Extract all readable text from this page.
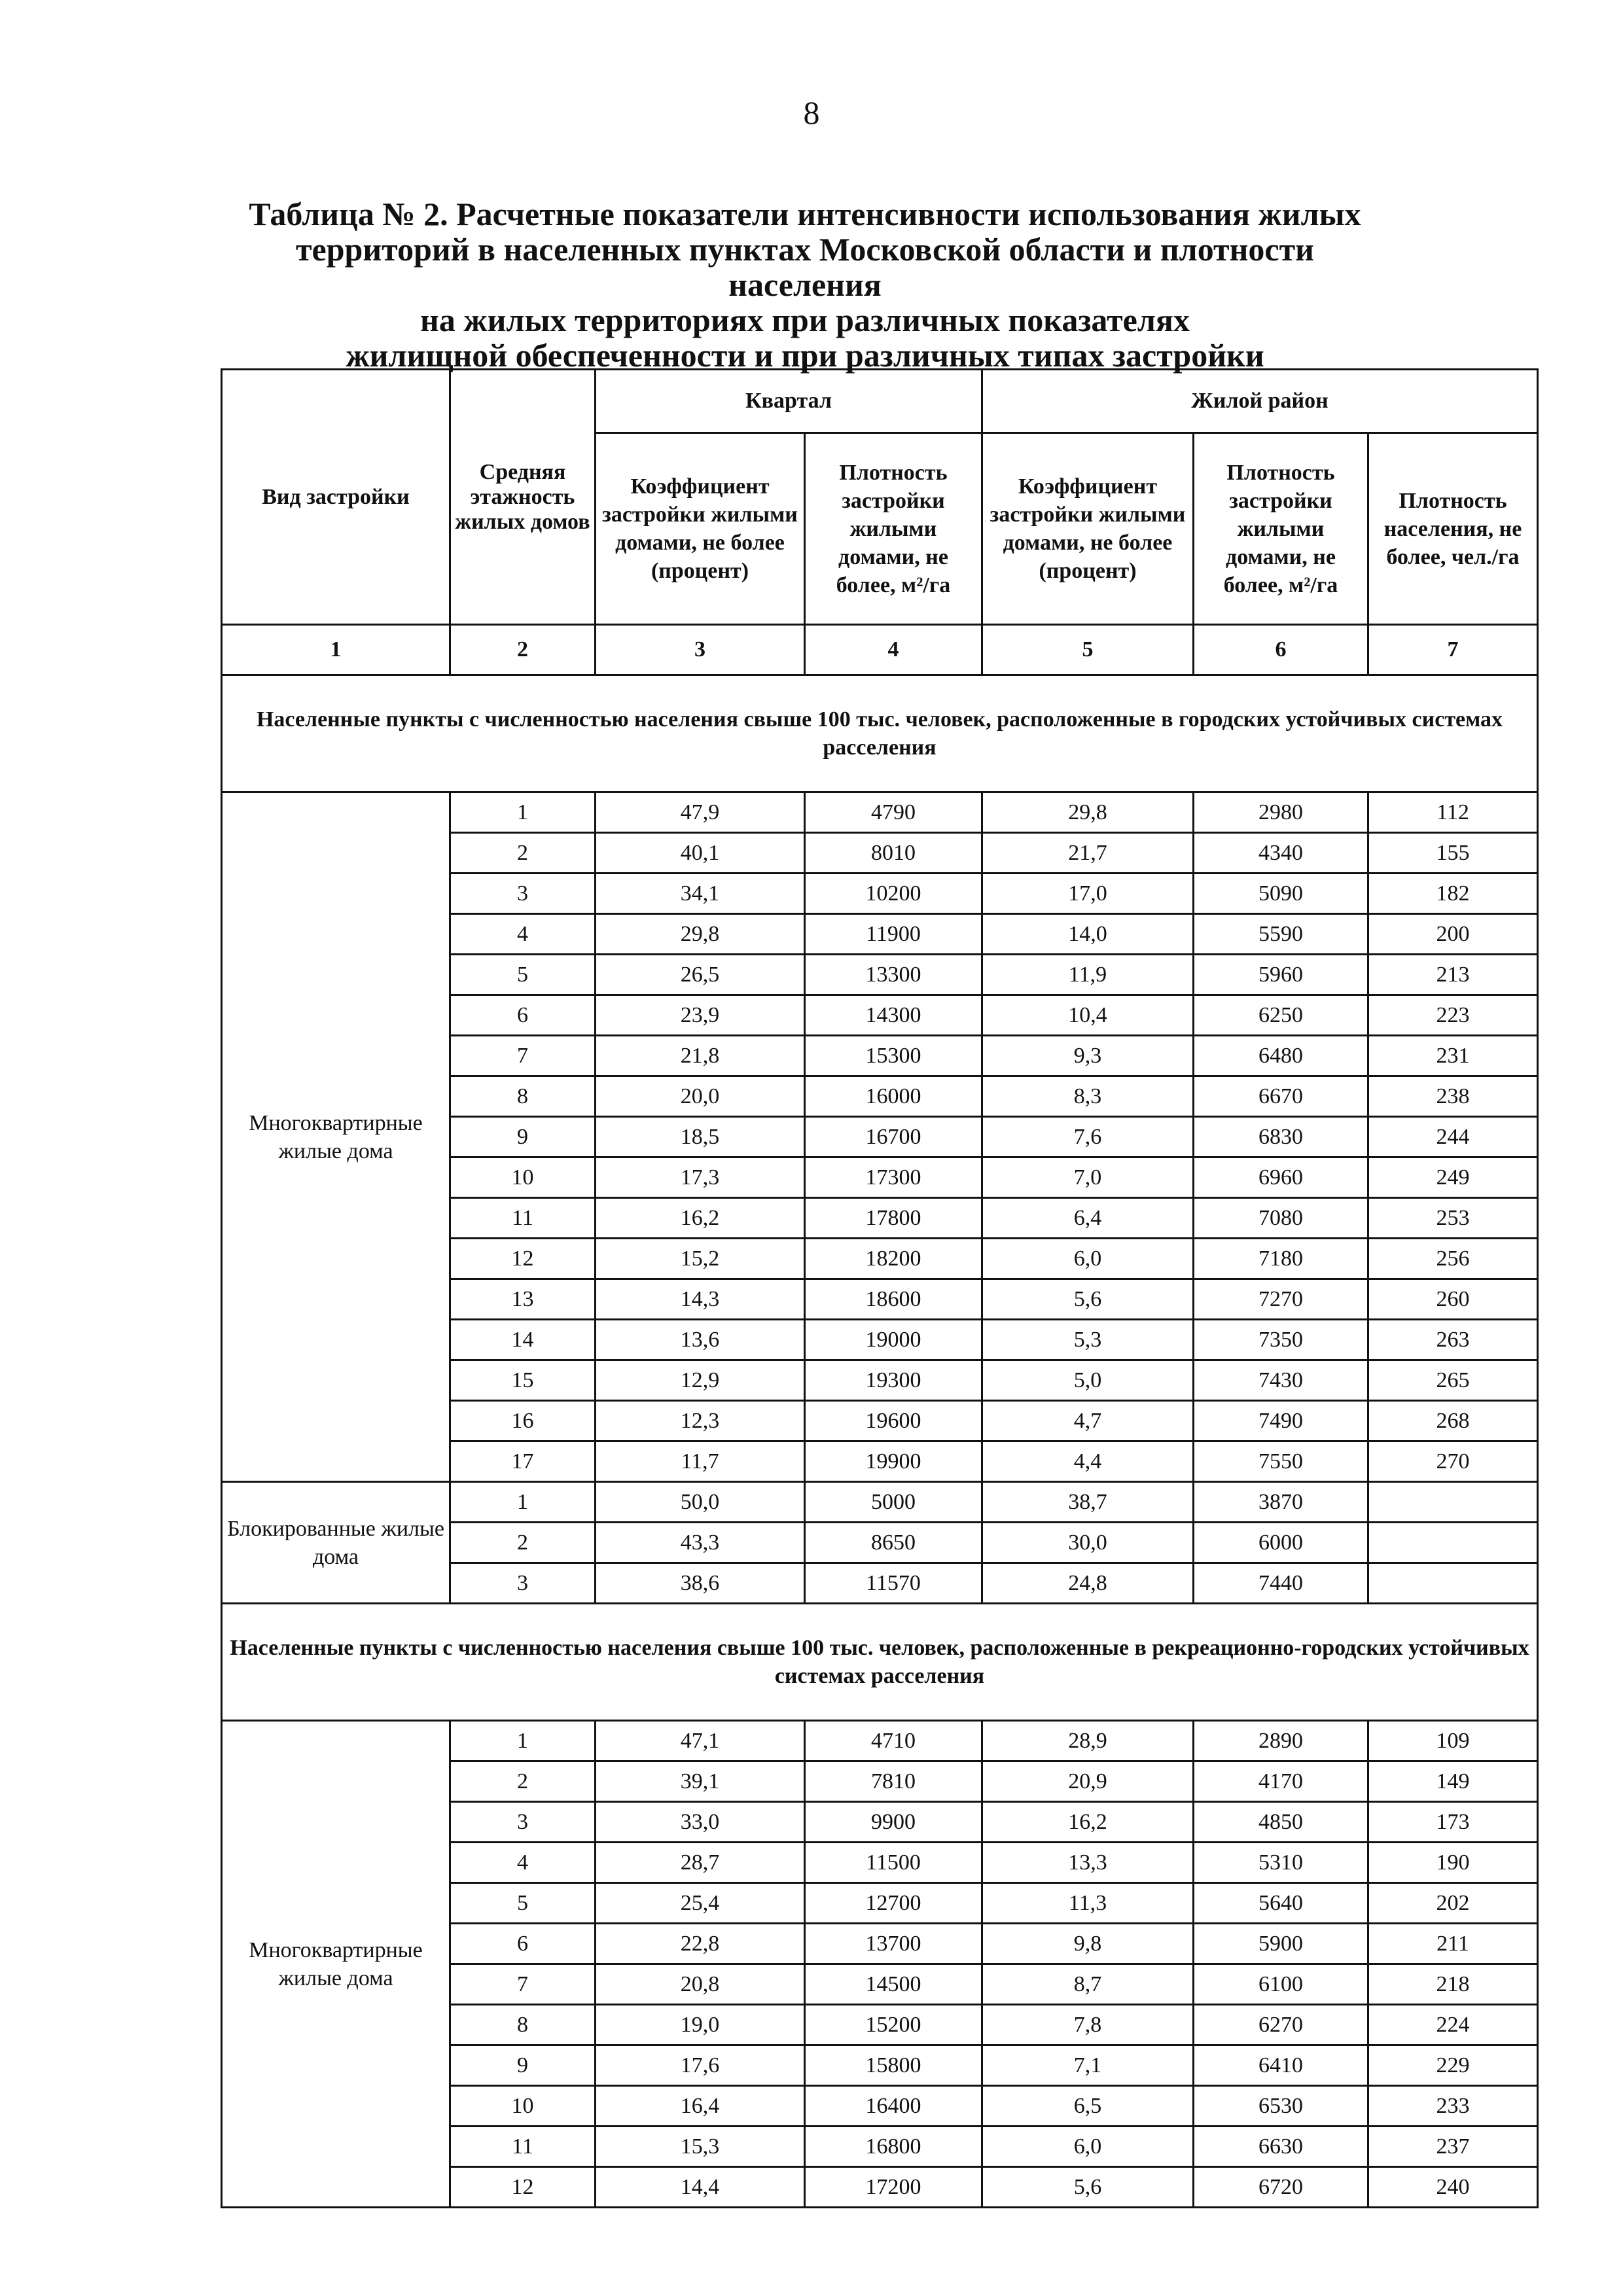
8
Таблица № 2. Расчетные показатели интенсивности использования жилых
территорий в населенных пунктах Московской области и плотности населения
на жилых территориях при различных показателях
жилищной обеспеченности и при различных типах застройки
Вид застройки	Средняя этажность жилых домов	Квартал		Жилой район		
		Коэффициент застройки жилыми домами, не более (процент)	Плотность застройки жилыми домами, не более, м²/га	Коэффициент застройки жилыми домами, не более (процент)	Плотность застройки жилыми домами, не более, м²/га	Плотность населения, не более, чел./га
1	2	3	4	5	6	7
Населенные пункты с численностью населения свыше 100 тыс. человек, расположенные в городских устойчивых системах расселения						
Многоквартирные жилые дома	1	47,9	4790	29,8	2980	112
	2	40,1	8010	21,7	4340	155
	3	34,1	10200	17,0	5090	182
	4	29,8	11900	14,0	5590	200
	5	26,5	13300	11,9	5960	213
	6	23,9	14300	10,4	6250	223
	7	21,8	15300	9,3	6480	231
	8	20,0	16000	8,3	6670	238
	9	18,5	16700	7,6	6830	244
	10	17,3	17300	7,0	6960	249
	11	16,2	17800	6,4	7080	253
	12	15,2	18200	6,0	7180	256
	13	14,3	18600	5,6	7270	260
	14	13,6	19000	5,3	7350	263
	15	12,9	19300	5,0	7430	265
	16	12,3	19600	4,7	7490	268
	17	11,7	19900	4,4	7550	270
Блокированные жилые дома	1	50,0	5000	38,7	3870	
	2	43,3	8650	30,0	6000	
	3	38,6	11570	24,8	7440	
Населенные пункты с численностью населения свыше 100 тыс. человек, расположенные в рекреационно-городских устойчивых системах расселения						
Многоквартирные жилые дома	1	47,1	4710	28,9	2890	109
	2	39,1	7810	20,9	4170	149
	3	33,0	9900	16,2	4850	173
	4	28,7	11500	13,3	5310	190
	5	25,4	12700	11,3	5640	202
	6	22,8	13700	9,8	5900	211
	7	20,8	14500	8,7	6100	218
	8	19,0	15200	7,8	6270	224
	9	17,6	15800	7,1	6410	229
	10	16,4	16400	6,5	6530	233
	11	15,3	16800	6,0	6630	237
	12	14,4	17200	5,6	6720	240
